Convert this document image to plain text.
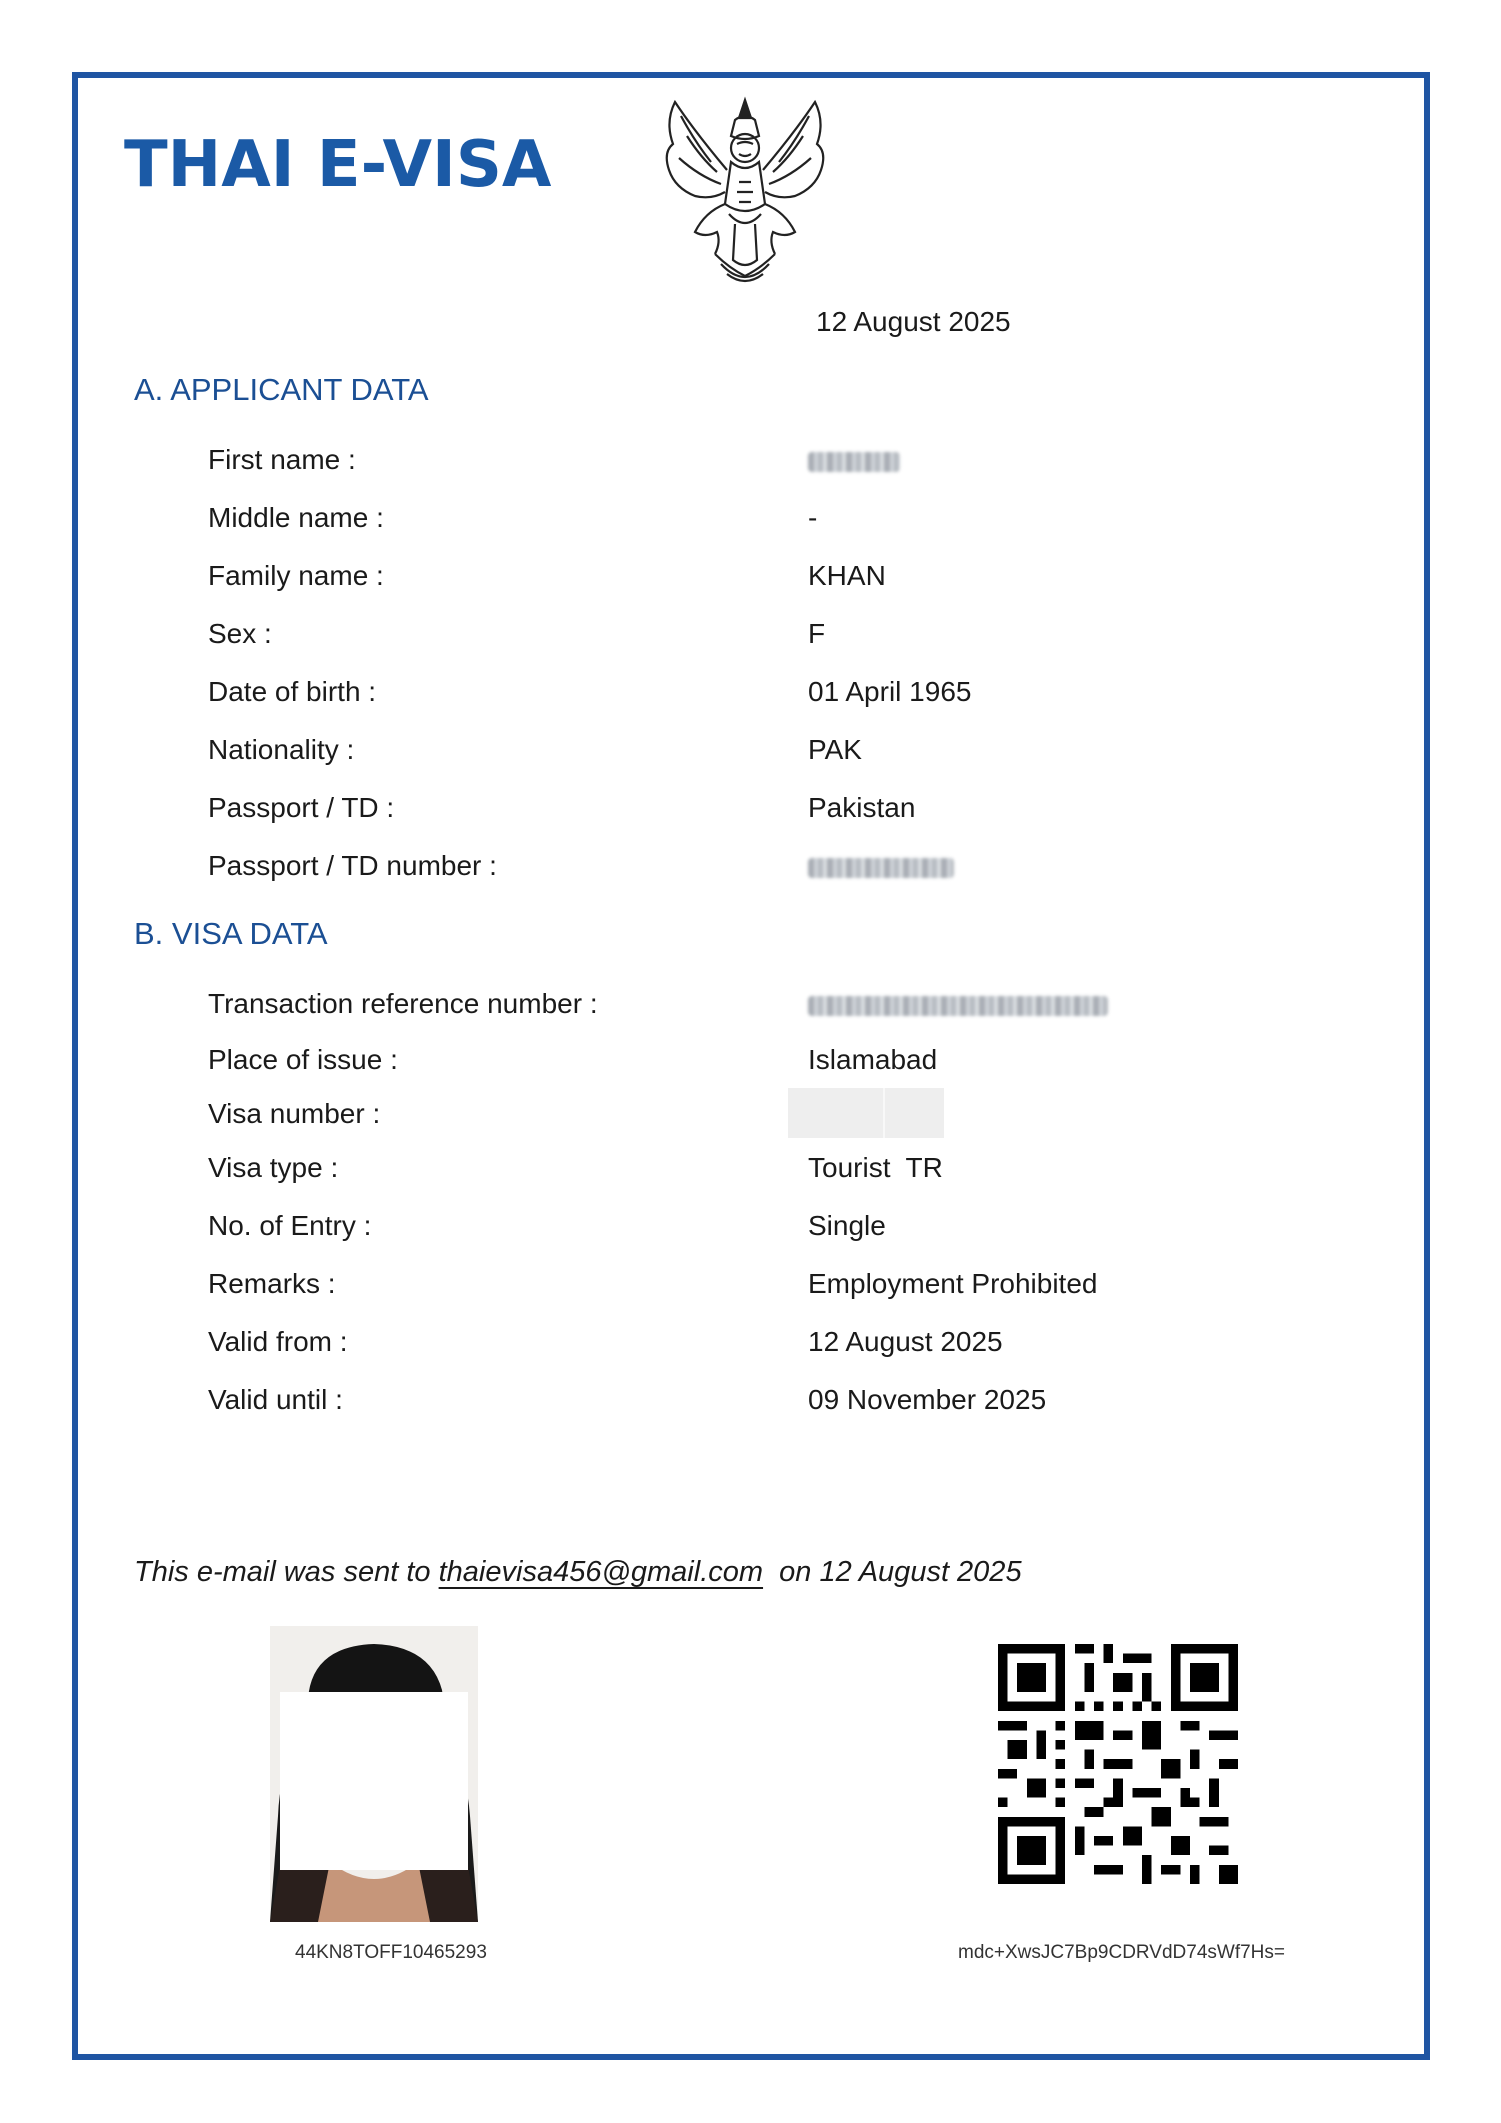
THAI E-VISA
12 August 2025
A. APPLICANT DATA
First name :
Middle name :	-
Family name :	KHAN
Sex :	F
Date of birth :	01 April 1965
Nationality :	PAK
Passport / TD :	Pakistan
Passport / TD number :
B. VISA DATA
Transaction reference number :
Place of issue :	Islamabad
Visa number :
Visa type :	Tourist  TR
No. of Entry :	Single
Remarks :	Employment Prohibited
Valid from :	12 August 2025
Valid until :	09 November 2025
This e-mail was sent to thaievisa456@gmail.com  on 12 August 2025
44KN8TOFF10465293	mdc+XwsJC7Bp9CDRVdD74sWf7Hs=
